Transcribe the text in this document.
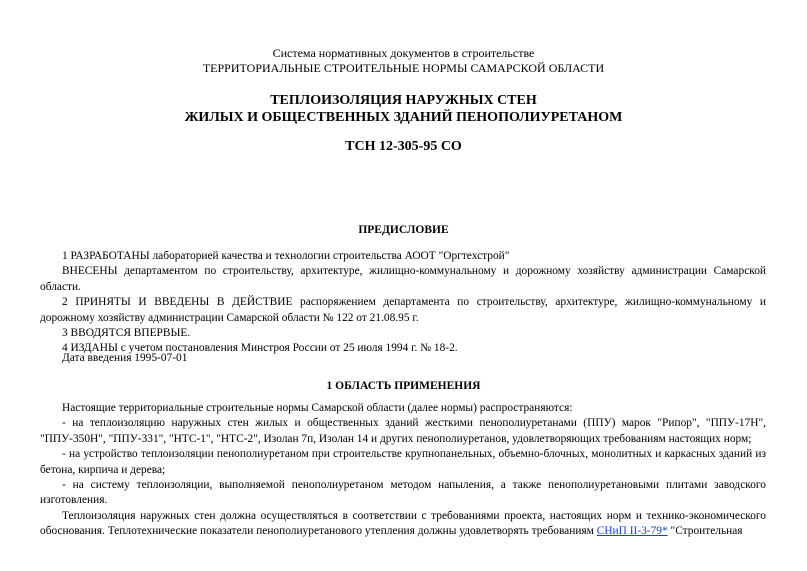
Система нормативных документов в строительстве
ТЕРРИТОРИАЛЬНЫЕ СТРОИТЕЛЬНЫЕ НОРМЫ САМАРСКОЙ ОБЛАСТИ
ТЕПЛОИЗОЛЯЦИЯ НАРУЖНЫХ СТЕН
ЖИЛЫХ И ОБЩЕСТВЕННЫХ ЗДАНИЙ ПЕНОПОЛИУРЕТАНОМ
ТСН 12-305-95 СО
ПРЕДИСЛОВИЕ

1 РАЗРАБОТАНЫ лабораторией качества и технологии строительства АООТ "Оргтехстрой"

ВНЕСЕНЫ департаментом по строительству, архитектуре, жилищно-коммунальному и дорожному хозяйству администрации Самарской области.

2 ПРИНЯТЫ И ВВЕДЕНЫ В ДЕЙСТВИЕ распоряжением департамента по строительству, архитектуре, жилищно-коммунальному и дорожному хозяйству администрации Самарской области № 122 от 21.08.95 г.

3 ВВОДЯТСЯ ВПЕРВЫЕ.

4 ИЗДАНЫ с учетом постановления Минстроя России от 25 июля 1994 г. № 18-2.

Дата введения 1995-07-01

1 ОБЛАСТЬ ПРИМЕНЕНИЯ

Настоящие территориальные строительные нормы Самарской области (далее нормы) распространяются:

- на теплоизоляцию наружных стен жилых и общественных зданий жесткими пенополиуретанами (ППУ) марок "Рипор", "ППУ-17Н", "ППУ-350Н", "ППУ-331", "НТС-1", "НТС-2", Изолан 7п, Изолан 14 и других пенополиуретанов, удовлетворяющих требованиям настоящих норм;

- на устройство теплоизоляции пенополиуретаном при строительстве крупнопанельных, объемно-блочных, монолитных и каркасных зданий из бетона, кирпича и дерева;

- на систему теплоизоляции, выполняемой пенополиуретаном методом напыления, а также пенополиуретановыми плитами заводского изготовления.

Теплоизоляция наружных стен должна осуществляться в соответствии с требованиями проекта, настоящих норм и технико-экономического обоснования. Теплотехнические показатели пенополиуретанового утепления должны удовлетворять требованиям СНиП II-3-79* "Строительная
